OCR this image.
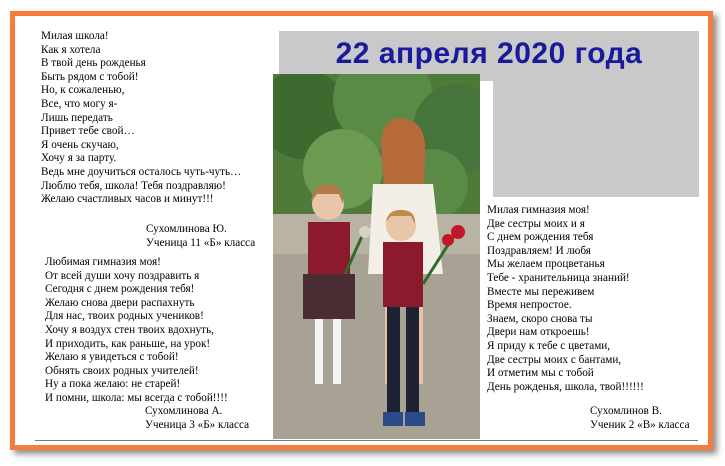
Милая школа!
Как я хотела
В твой день рожденья
Быть рядом с тобой!
Но, к сожаленью,
Все, что могу я-
Лишь передать
Привет тебе свой…
Я очень скучаю,
Хочу я за парту.
Ведь мне доучиться осталось чуть-чуть…
Люблю тебя, школа! Тебя поздравляю!
Желаю счастливых часов и минут!!!
Сухомлинова Ю.
Ученица 11 «Б» класса
Любимая гимназия моя!
От всей души хочу поздравить я
Сегодня с днем рождения тебя!
Желаю снова двери распахнуть
Для нас, твоих родных учеников!
Хочу я воздух стен твоих вдохнуть,
И приходить, как раньше, на урок!
Желаю я увидеться с тобой!
Обнять своих родных учителей!
Ну а пока желаю: не старей!
И помни, школа: мы всегда с тобой!!!!
Сухомлинова А.
Ученица 3 «Б» класса
22 апреля 2020 года
Милая гимназия моя!
Две сестры моих и я
С днем рождения тебя
Поздравляем! И любя
Мы желаем процветанья
Тебе - хранительница знаний!
Вместе мы переживем
Время непростое.
Знаем, скоро снова ты
Двери нам откроешь!
Я приду к тебе с цветами,
Две сестры моих с бантами,
И отметим мы с тобой
День рожденья, школа, твой!!!!!!
Сухомлинов В.
Ученик 2 «В» класса
